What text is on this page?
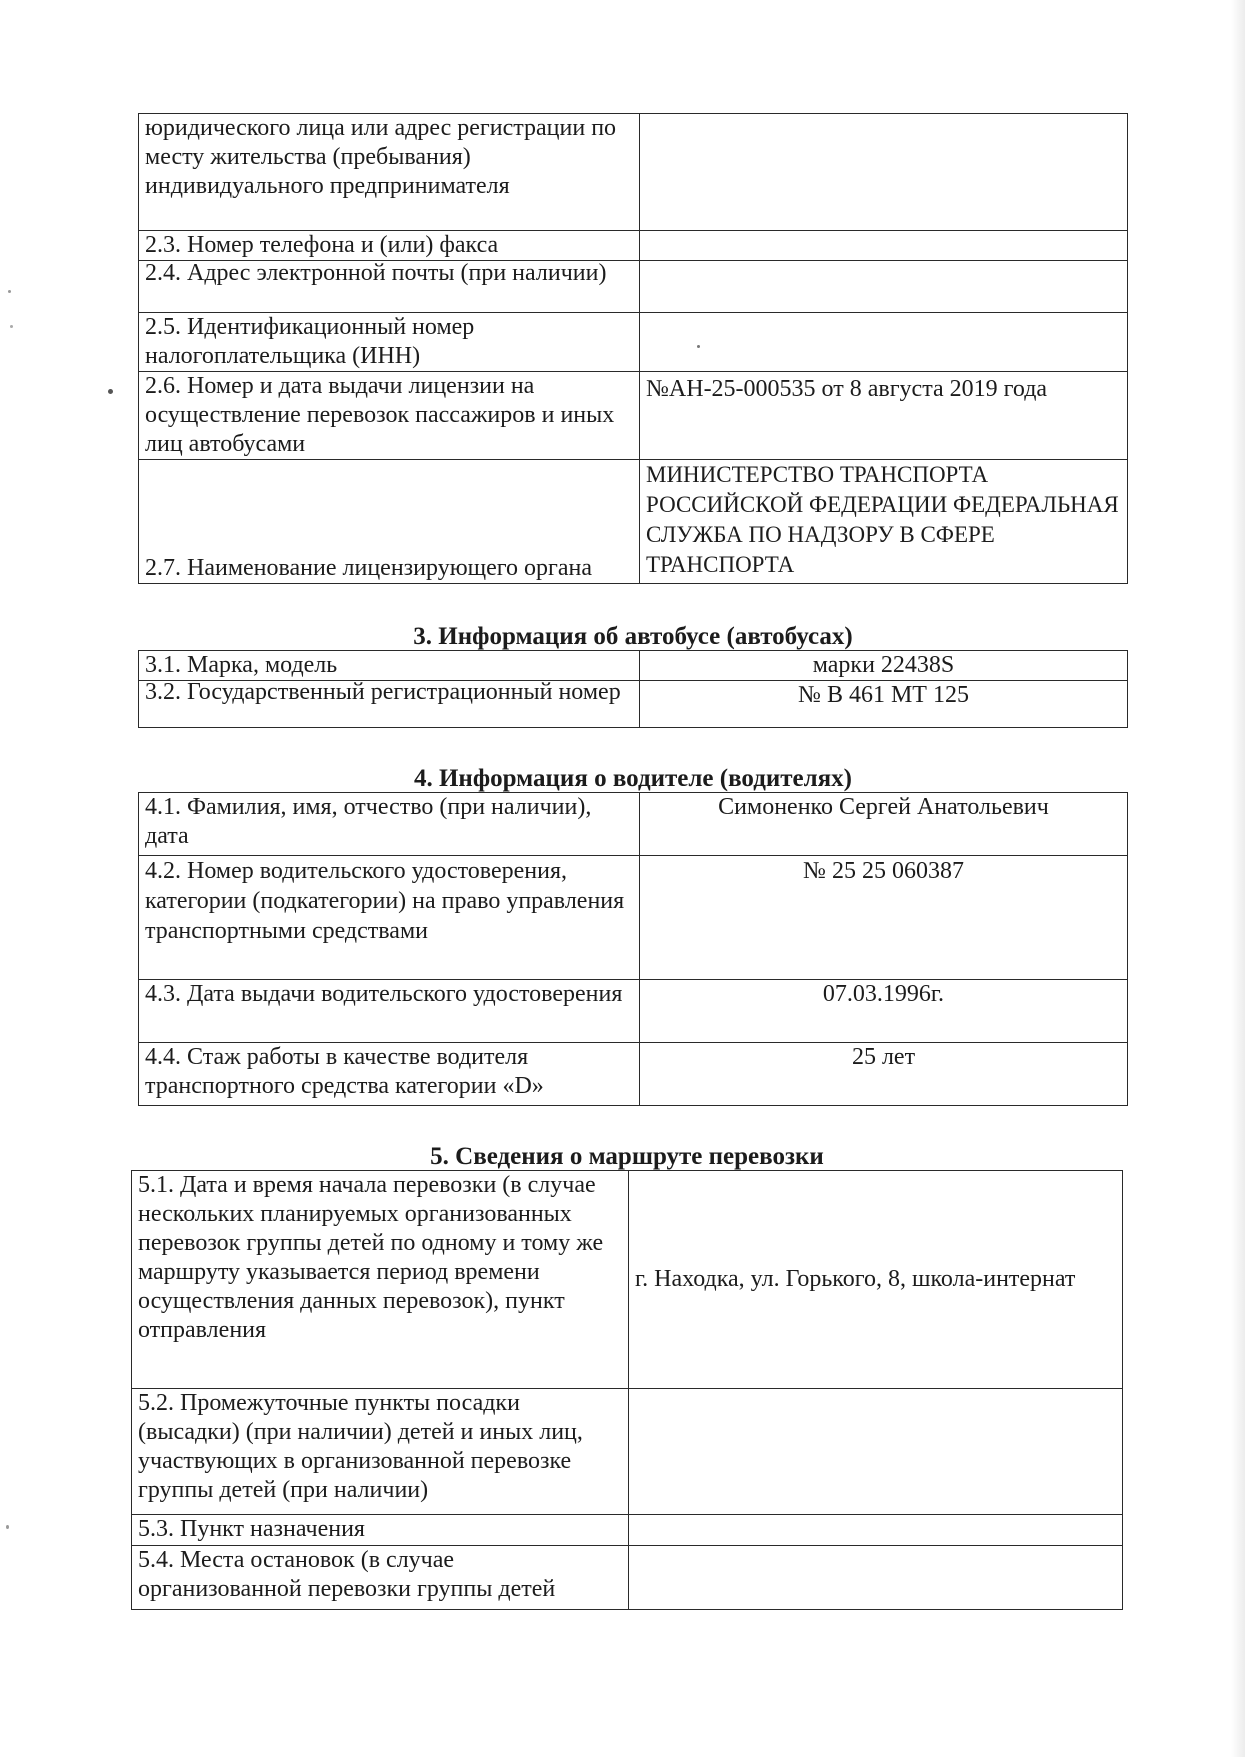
юридического лица или адрес регистрации по месту жительства (пребывания) индивидуального предпринимателя	
2.3. Номер телефона и (или) факса	
2.4. Адрес электронной почты (при наличии)	
2.5. Идентификационный номер налогоплательщика (ИНН)	
2.6. Номер и дата выдачи лицензии на осуществление перевозок пассажиров и иных лиц автобусами	№АН-25-000535 от 8 августа 2019 года
2.7. Наименование лицензирующего органа	МИНИСТЕРСТВО ТРАНСПОРТА РОССИЙСКОЙ ФЕДЕРАЦИИ ФЕДЕРАЛЬНАЯ СЛУЖБА ПО НАДЗОРУ В СФЕРЕ ТРАНСПОРТА
3. Информация об автобусе (автобусах)
3.1. Марка, модель	марки 22438S
3.2. Государственный регистрационный номер	№ В 461 МТ 125
4. Информация о водителе (водителях)
4.1. Фамилия, имя, отчество (при наличии), дата	Симоненко Сергей Анатольевич
4.2. Номер водительского удостоверения, категории (подкатегории) на право управления транспортными средствами	№ 25 25 060387
4.3. Дата выдачи водительского удостоверения	07.03.1996г.
4.4. Стаж работы в качестве водителя транспортного средства категории «D»	25 лет
5. Сведения о маршруте перевозки
5.1. Дата и время начала перевозки (в случае нескольких планируемых организованных перевозок группы детей по одному и тому же маршруту указывается период времени осуществления данных перевозок), пункт отправления	г. Находка, ул. Горького, 8, школа-интернат
5.2. Промежуточные пункты посадки (высадки) (при наличии) детей и иных лиц, участвующих в организованной перевозке группы детей (при наличии)	
5.3. Пункт назначения	
5.4. Места остановок (в случае организованной перевозки группы детей	
